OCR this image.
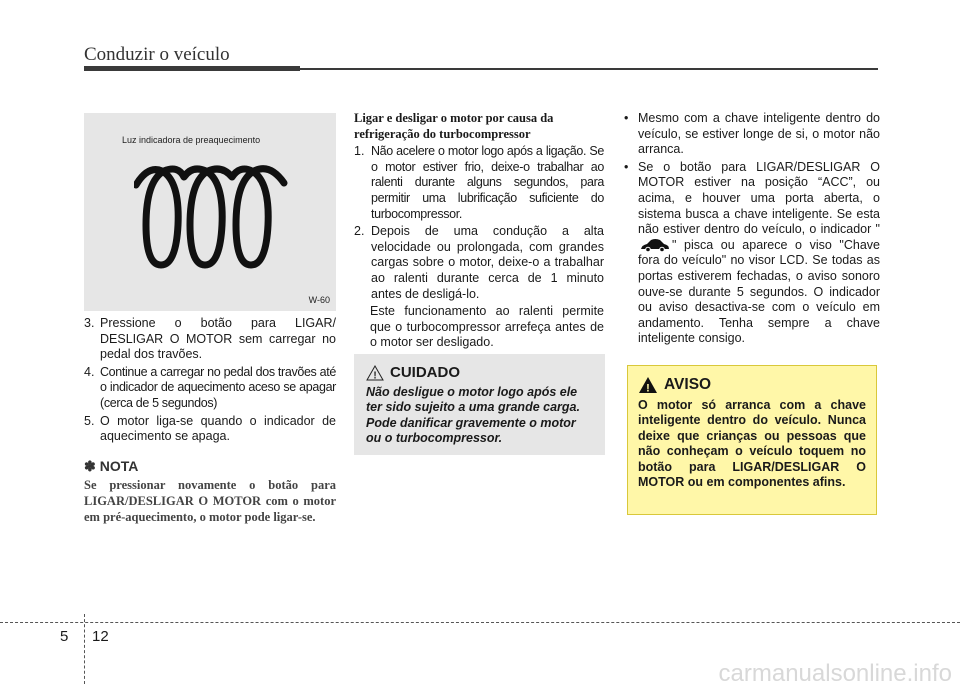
Conduzir o veículo
Luz indicadora de preaquecimento
W-60
3. Pressione o botão para LIGAR/ DESLIGAR O MOTOR sem carregar no pedal dos travões.
4. Continue a carregar no pedal dos travões até o indicador de aquecimento aceso se apagar (cerca de 5 segundos)
5. O motor liga-se quando o indicador de aquecimento se apaga.
✽ NOTA
Se pressionar novamente o botão para LIGAR/DESLIGAR O MOTOR com o motor em pré-aquecimento, o motor pode ligar-se.
Ligar e desligar o motor por causa da refrigeração do turbocompressor
1. Não acelere o motor logo após a ligação. Se o motor estiver frio, deixe-o trabalhar ao ralenti durante alguns segundos, para permitir uma lubrificação suficiente do turbocompressor.
2. Depois de uma condução a alta velocidade ou prolongada, com grandes cargas sobre o motor, deixe-o a trabalhar ao ralenti durante cerca de 1 minuto antes de desligá-lo.
Este funcionamento ao ralenti permite que o turbocompressor arrefeça antes de o motor ser desligado.
! CUIDADO
Não desligue o motor logo após ele ter sido sujeito a uma grande carga. Pode danificar gravemente o motor ou o turbocompressor.
• Mesmo com a chave inteligente dentro do veículo, se estiver longe de si, o motor não arranca.
• Se o botão para LIGAR/DESLIGAR O MOTOR estiver na posição “ACC”, ou acima, e houver uma porta aberta, o sistema busca a chave inteligente. Se esta não estiver dentro do veículo, o indicador "" pisca ou aparece o viso "Chave fora do veículo" no visor LCD. Se todas as portas estiverem fechadas, o aviso sonoro ouve-se durante 5 segundos. O indicador ou aviso desactiva-se com o veículo em andamento. Tenha sempre a chave inteligente consigo.
! AVISO
O motor só arranca com a chave inteligente dentro do veículo. Nunca deixe que crianças ou pessoas que não conheçam o veículo toquem no botão para LIGAR/DESLIGAR O MOTOR ou em componentes afins.
5 12
carmanualsonline.info
